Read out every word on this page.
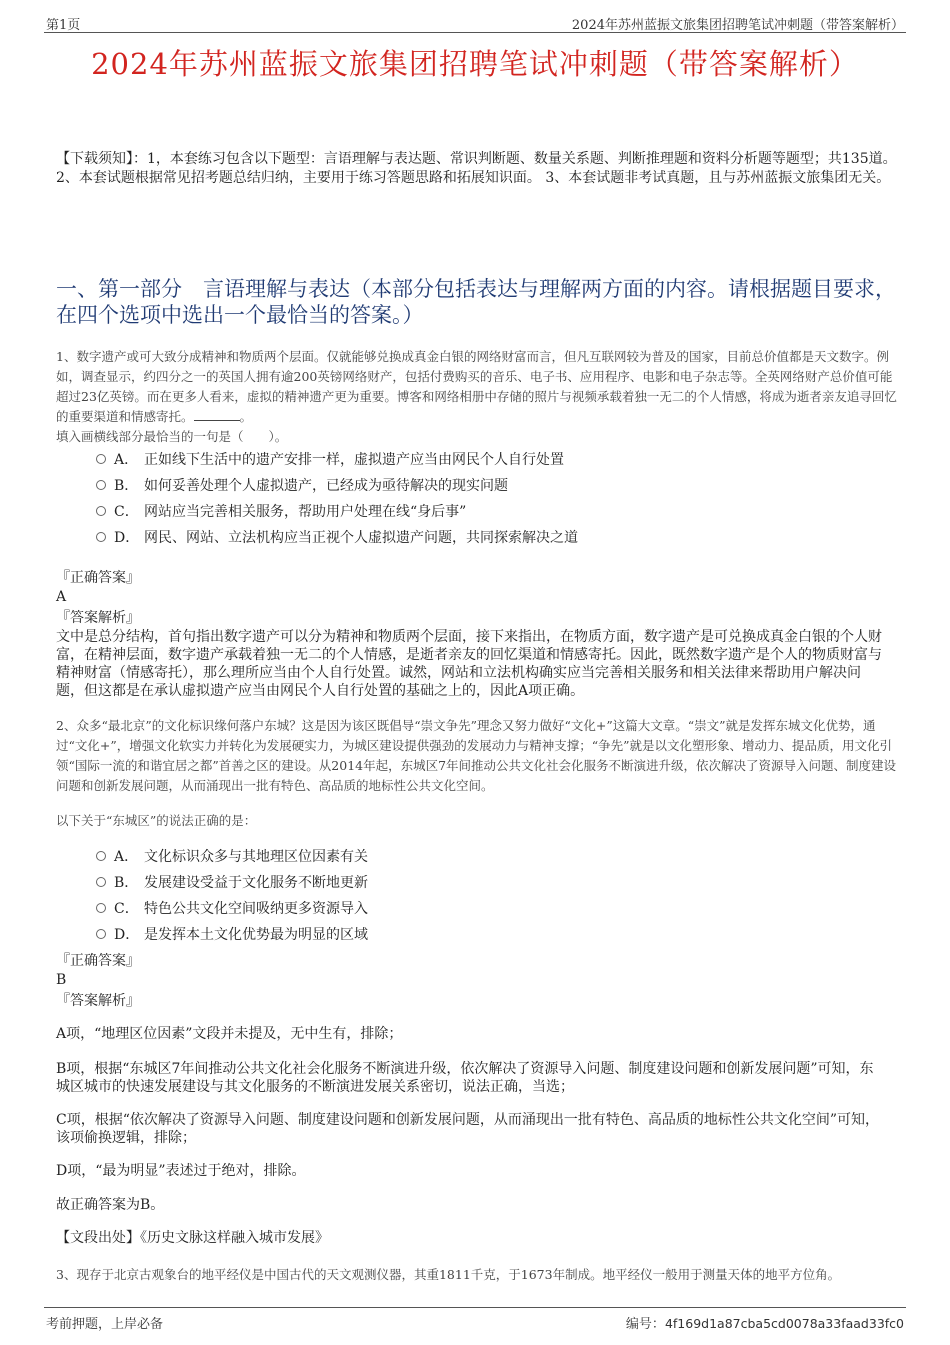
第1页	2024年苏州蓝振文旅集团招聘笔试冲刺题（带答案解析）
2024年苏州蓝振文旅集团招聘笔试冲刺题（带答案解析）
【下载须知】：1，本套练习包含以下题型：言语理解与表达题、常识判断题、数量关系题、判断推理题和资料分析题等题型；共135道。 2、本套试题根据常见招考题总结归纳，主要用于练习答题思路和拓展知识面。 3、本套试题非考试真题，且与苏州蓝振文旅集团无关。
一、第一部分　言语理解与表达（本部分包括表达与理解两方面的内容。请根据题目要求，在四个选项中选出一个最恰当的答案。）
1、数字遗产或可大致分成精神和物质两个层面。仅就能够兑换成真金白银的网络财富而言，但凡互联网较为普及的国家，目前总价值都是天文数字。例如，调查显示，约四分之一的英国人拥有逾200英镑网络财产，包括付费购买的音乐、电子书、应用程序、电影和电子杂志等。全英网络财产总价值可能超过23亿英镑。而在更多人看来，虚拟的精神遗产更为重要。博客和网络相册中存储的照片与视频承载着独一无二的个人情感，将成为逝者亲友追寻回忆的重要渠道和情感寄托。	。
填入画横线部分最恰当的一句是（　　）。
A． 正如线下生活中的遗产安排一样，虚拟遗产应当由网民个人自行处置
B． 如何妥善处理个人虚拟遗产，已经成为亟待解决的现实问题
C． 网站应当完善相关服务，帮助用户处理在线“身后事”
D． 网民、网站、立法机构应当正视个人虚拟遗产问题，共同探索解决之道
『正确答案』
A
『答案解析』
文中是总分结构，首句指出数字遗产可以分为精神和物质两个层面，接下来指出，在物质方面，数字遗产是可兑换成真金白银的个人财富，在精神层面，数字遗产承载着独一无二的个人情感，是逝者亲友的回忆渠道和情感寄托。因此，既然数字遗产是个人的物质财富与精神财富（情感寄托），那么理所应当由个人自行处置。诚然，网站和立法机构确实应当完善相关服务和相关法律来帮助用户解决问题，但这都是在承认虚拟遗产应当由网民个人自行处置的基础之上的，因此A项正确。
2、众多“最北京”的文化标识缘何落户东城？这是因为该区既倡导“崇文争先”理念又努力做好“文化+”这篇大文章。“崇文”就是发挥东城文化优势，通过“文化+”，增强文化软实力并转化为发展硬实力，为城区建设提供强劲的发展动力与精神支撑；“争先”就是以文化塑形象、增动力、提品质，用文化引领“国际一流的和谐宜居之都”首善之区的建设。从2014年起，东城区7年间推动公共文化社会化服务不断演进升级，依次解决了资源导入问题、制度建设问题和创新发展问题，从而涌现出一批有特色、高品质的地标性公共文化空间。
以下关于“东城区”的说法正确的是：
A． 文化标识众多与其地理区位因素有关
B． 发展建设受益于文化服务不断地更新
C． 特色公共文化空间吸纳更多资源导入
D． 是发挥本土文化优势最为明显的区域
『正确答案』
B
『答案解析』
A项，“地理区位因素”文段并未提及，无中生有，排除；
B项，根据“东城区7年间推动公共文化社会化服务不断演进升级，依次解决了资源导入问题、制度建设问题和创新发展问题”可知，东城区城市的快速发展建设与其文化服务的不断演进发展关系密切，说法正确，当选；
C项，根据“依次解决了资源导入问题、制度建设问题和创新发展问题，从而涌现出一批有特色、高品质的地标性公共文化空间”可知，该项偷换逻辑，排除；
D项，“最为明显”表述过于绝对，排除。
故正确答案为B。
【文段出处】《历史文脉这样融入城市发展》
3、现存于北京古观象台的地平经仪是中国古代的天文观测仪器，其重1811千克，于1673年制成。地平经仪一般用于测量天体的地平方位角。
考前押题，上岸必备	编号：4f169d1a87cba5cd0078a33faad33fc0
